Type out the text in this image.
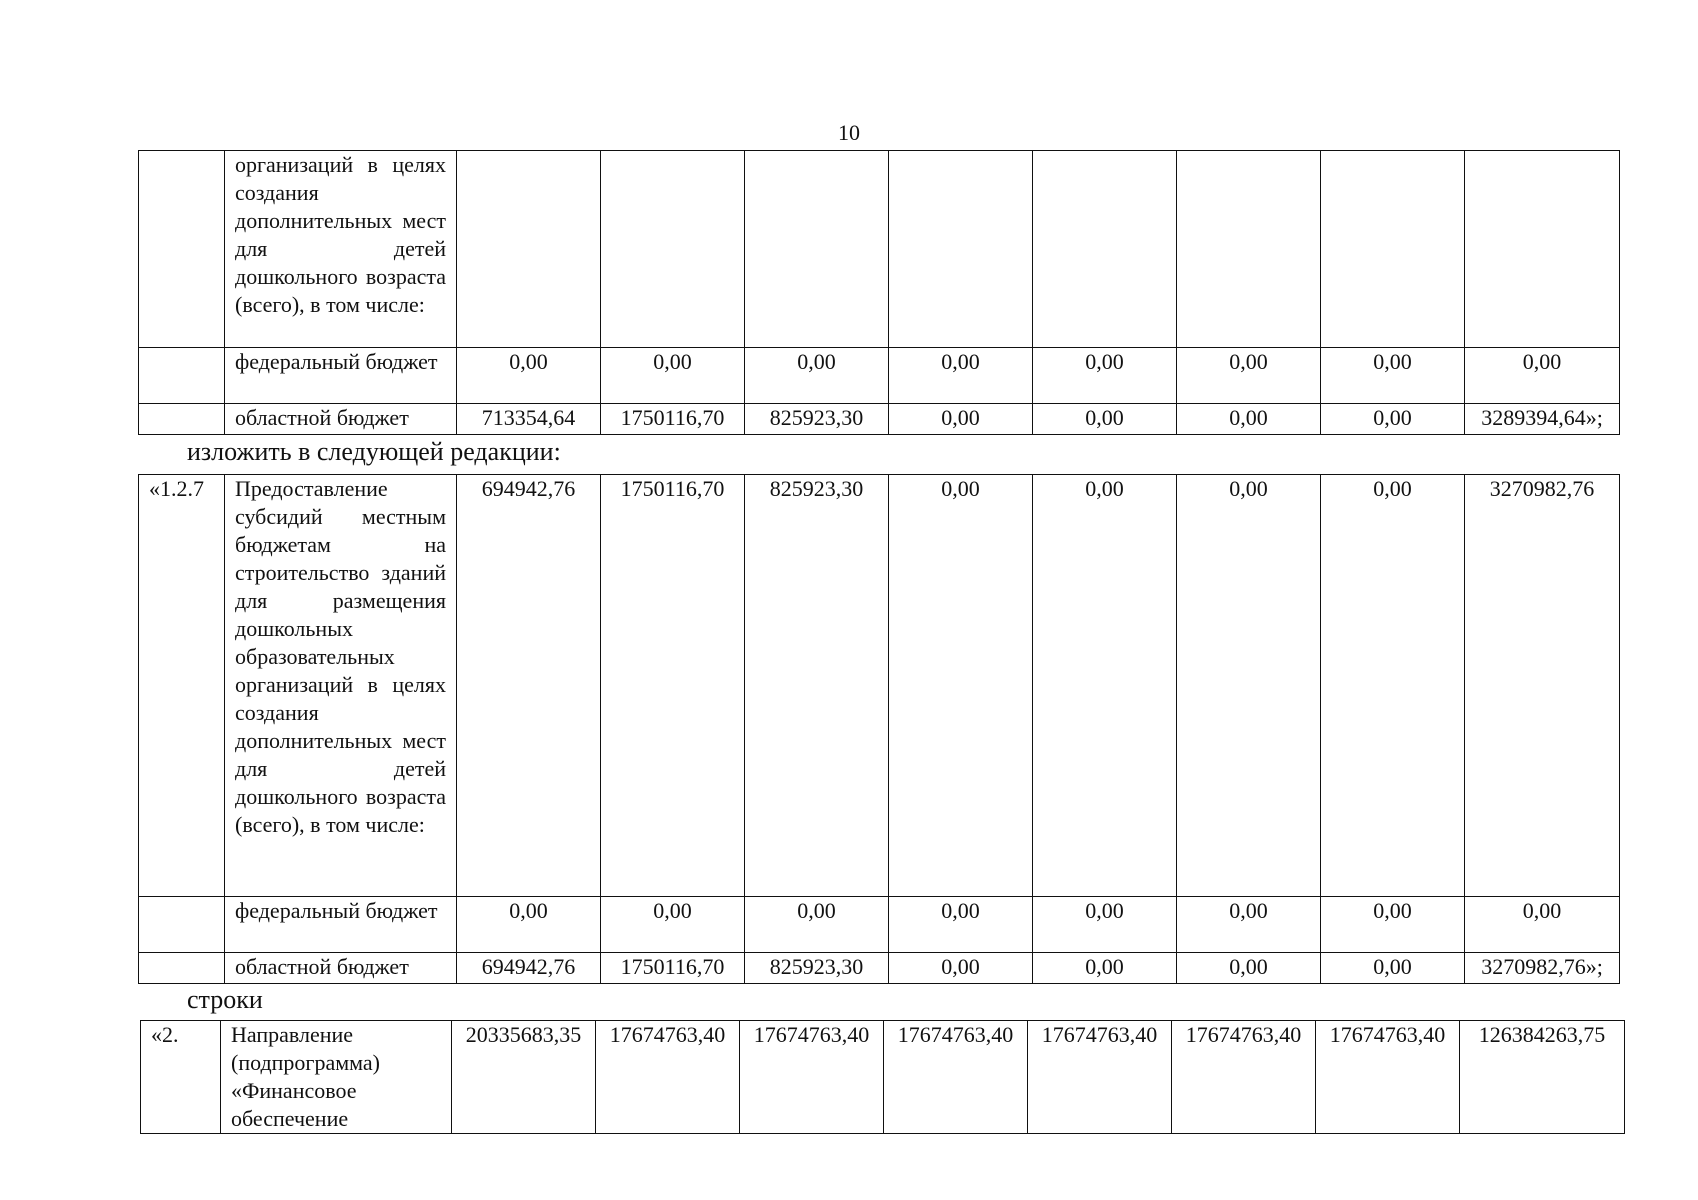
10
	организаций в целях создания дополнительных мест для детей дошкольного возраста (всего), в том числе:								
	федеральный бюджет	0,00	0,00	0,00	0,00	0,00	0,00	0,00	0,00
	областной бюджет	713354,64	1750116,70	825923,30	0,00	0,00	0,00	0,00	3289394,64»;
изложить в следующей редакции:
«1.2.7	Предоставление субсидий местным бюджетам на строительство зданий для размещения дошкольных образовательных организаций в целях создания дополнительных мест для детей дошкольного возраста (всего), в том числе:	694942,76	1750116,70	825923,30	0,00	0,00	0,00	0,00	3270982,76
	федеральный бюджет	0,00	0,00	0,00	0,00	0,00	0,00	0,00	0,00
	областной бюджет	694942,76	1750116,70	825923,30	0,00	0,00	0,00	0,00	3270982,76»;
строки
«2.	Направление (подпрограмма) «Финансовое обеспечение	20335683,35	17674763,40	17674763,40	17674763,40	17674763,40	17674763,40	17674763,40	126384263,75
